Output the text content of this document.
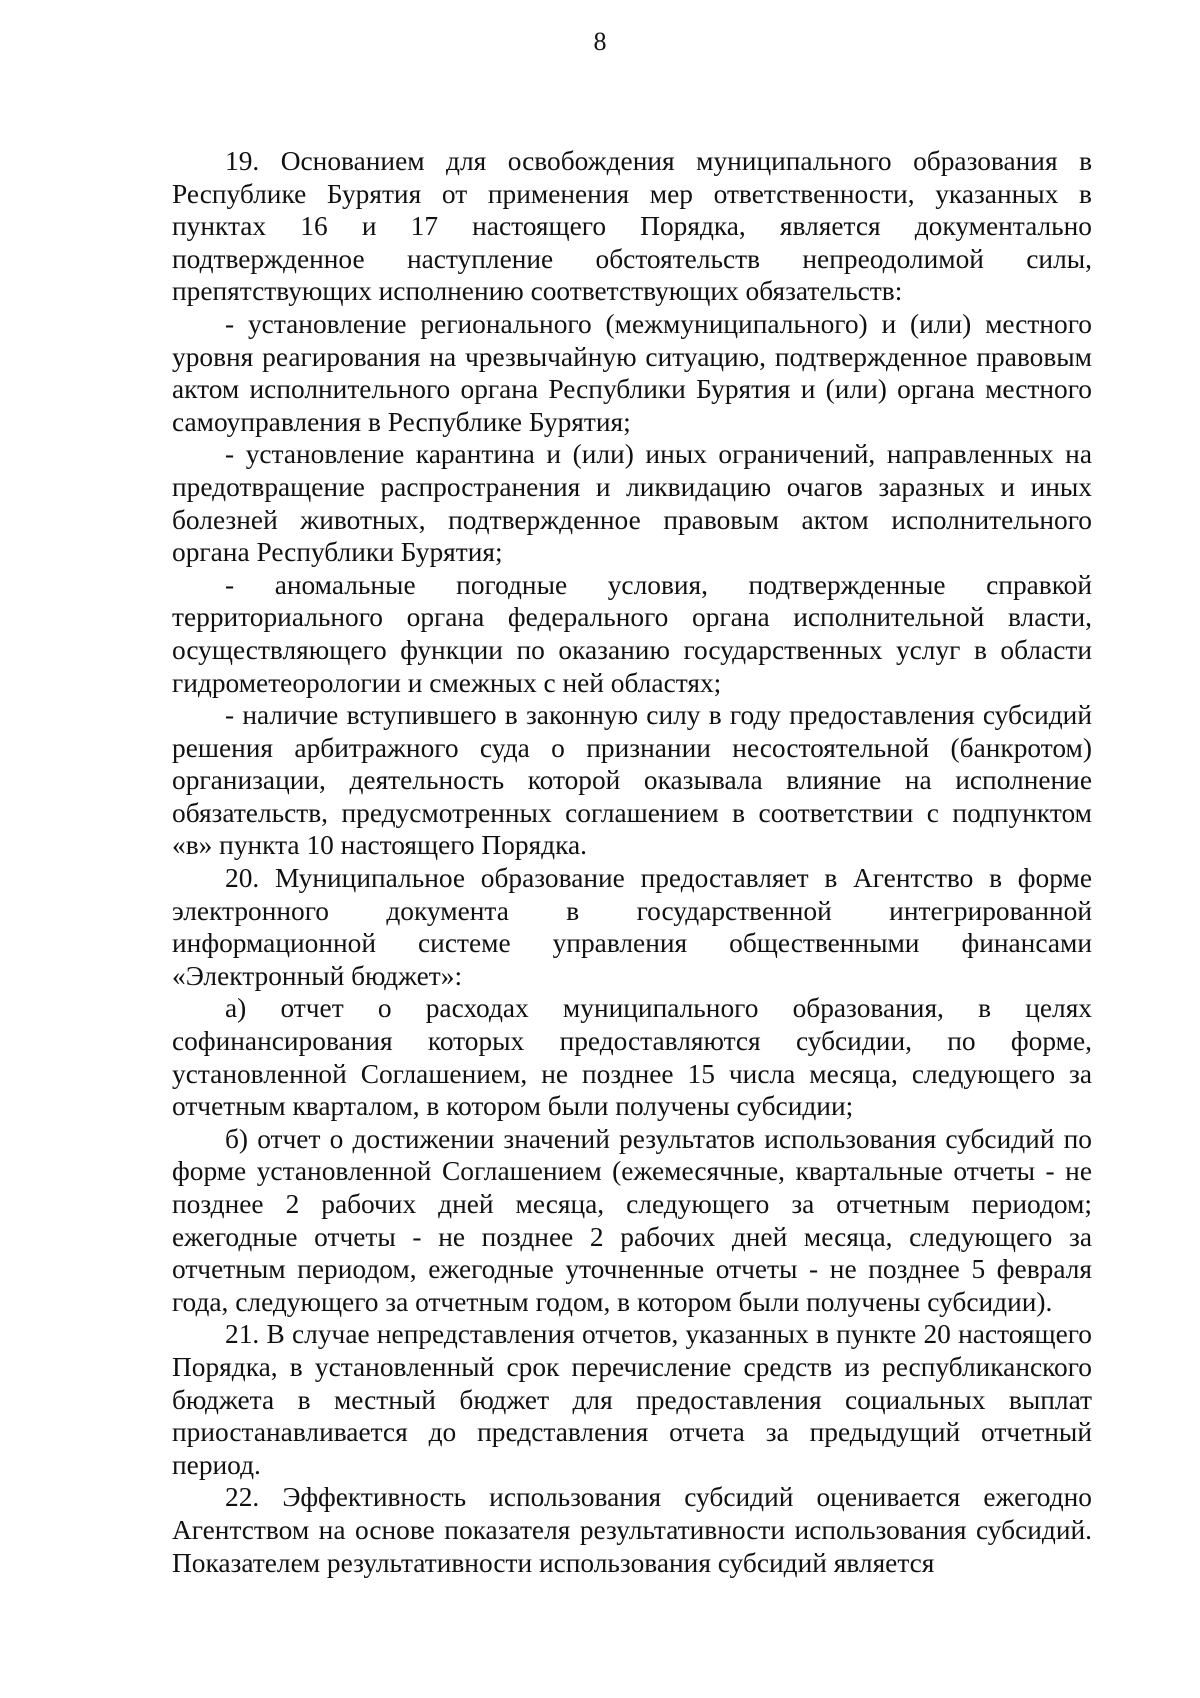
8

19. Основанием для освобождения муниципального образования в Республике Бурятия от применения мер ответственности, указанных в пунктах 16 и 17 настоящего Порядка, является документально подтвержденное наступление обстоятельств непреодолимой силы, препятствующих исполнению соответствующих обязательств:

- установление регионального (межмуниципального) и (или) местного уровня реагирования на чрезвычайную ситуацию, подтвержденное правовым актом исполнительного органа Республики Бурятия и (или) органа местного самоуправления в Республике Бурятия;

- установление карантина и (или) иных ограничений, направленных на предотвращение распространения и ликвидацию очагов заразных и иных болезней животных, подтвержденное правовым актом исполнительного органа Республики Бурятия;

- аномальные погодные условия, подтвержденные справкой территориального органа федерального органа исполнительной власти, осуществляющего функции по оказанию государственных услуг в области гидрометеорологии и смежных с ней областях;

- наличие вступившего в законную силу в году предоставления субсидий решения арбитражного суда о признании несостоятельной (банкротом) организации, деятельность которой оказывала влияние на исполнение обязательств, предусмотренных соглашением в соответствии с подпунктом «в» пункта 10 настоящего Порядка.

20. Муниципальное образование предоставляет в Агентство в форме электронного документа в государственной интегрированной информационной системе управления общественными финансами «Электронный бюджет»:

а) отчет о расходах муниципального образования, в целях софинансирования которых предоставляются субсидии, по форме, установленной Соглашением, не позднее 15 числа месяца, следующего за отчетным кварталом, в котором были получены субсидии;

б) отчет о достижении значений результатов использования субсидий по форме установленной Соглашением (ежемесячные, квартальные отчеты - не позднее 2 рабочих дней месяца, следующего за отчетным периодом; ежегодные отчеты - не позднее 2 рабочих дней месяца, следующего за отчетным периодом, ежегодные уточненные отчеты - не позднее 5 февраля года, следующего за отчетным годом, в котором были получены субсидии).

21. В случае непредставления отчетов, указанных в пункте 20 настоящего Порядка, в установленный срок перечисление средств из республиканского бюджета в местный бюджет для предоставления социальных выплат приостанавливается до представления отчета за предыдущий отчетный период.

22. Эффективность использования субсидий оценивается ежегодно Агентством на основе показателя результативности использования субсидий. Показателем результативности использования субсидий является
